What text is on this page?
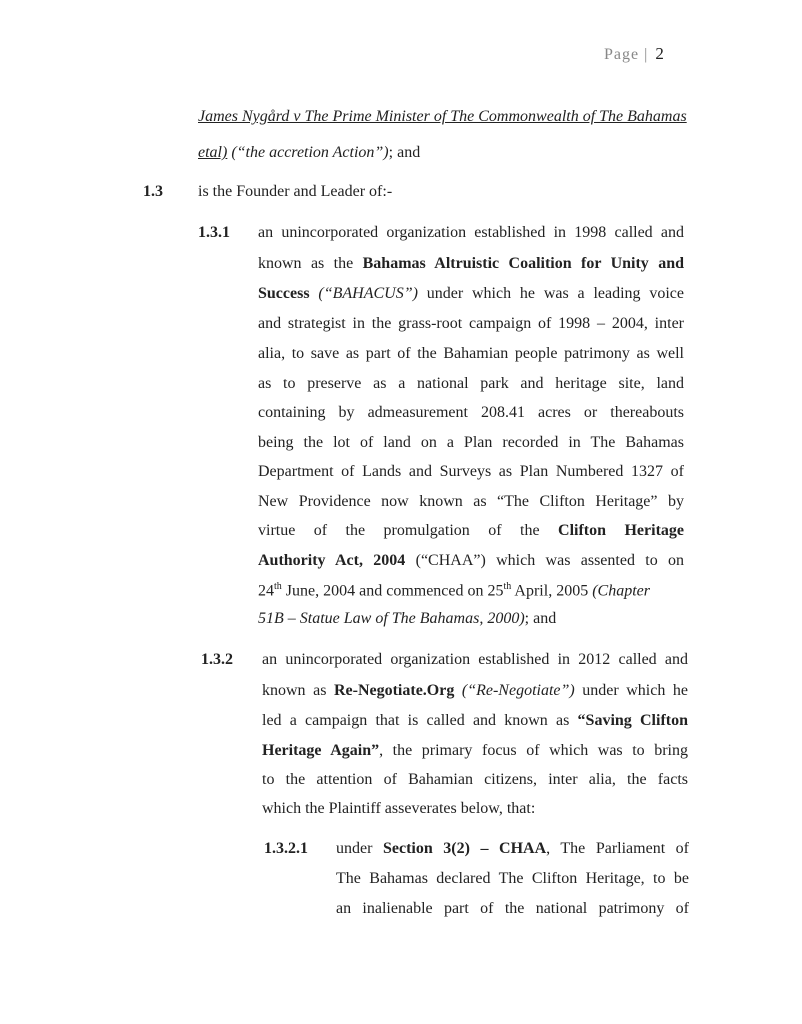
Page | 2
James Nygård v The Prime Minister of The Commonwealth of The Bahamas
etal) (“the accretion Action”); and
1.3 is the Founder and Leader of:-
1.3.1 an unincorporated organization established in 1998 called and
known as the Bahamas Altruistic Coalition for Unity and
Success (“BAHACUS”) under which he was a leading voice
and strategist in the grass-root campaign of 1998 – 2004, inter
alia, to save as part of the Bahamian people patrimony as well
as to preserve as a national park and heritage site, land
containing by admeasurement 208.41 acres or thereabouts
being the lot of land on a Plan recorded in The Bahamas
Department of Lands and Surveys as Plan Numbered 1327 of
New Providence now known as “The Clifton Heritage” by
virtue of the promulgation of the Clifton Heritage
Authority Act, 2004 (“CHAA”) which was assented to on
24th June, 2004 and commenced on 25th April, 2005 (Chapter
51B – Statue Law of The Bahamas, 2000); and
1.3.2 an unincorporated organization established in 2012 called and
known as Re-Negotiate.Org (“Re-Negotiate”) under which he
led a campaign that is called and known as “Saving Clifton
Heritage Again”, the primary focus of which was to bring
to the attention of Bahamian citizens, inter alia, the facts
which the Plaintiff asseverates below, that:
1.3.2.1 under Section 3(2) – CHAA, The Parliament of
The Bahamas declared The Clifton Heritage, to be
an inalienable part of the national patrimony of
